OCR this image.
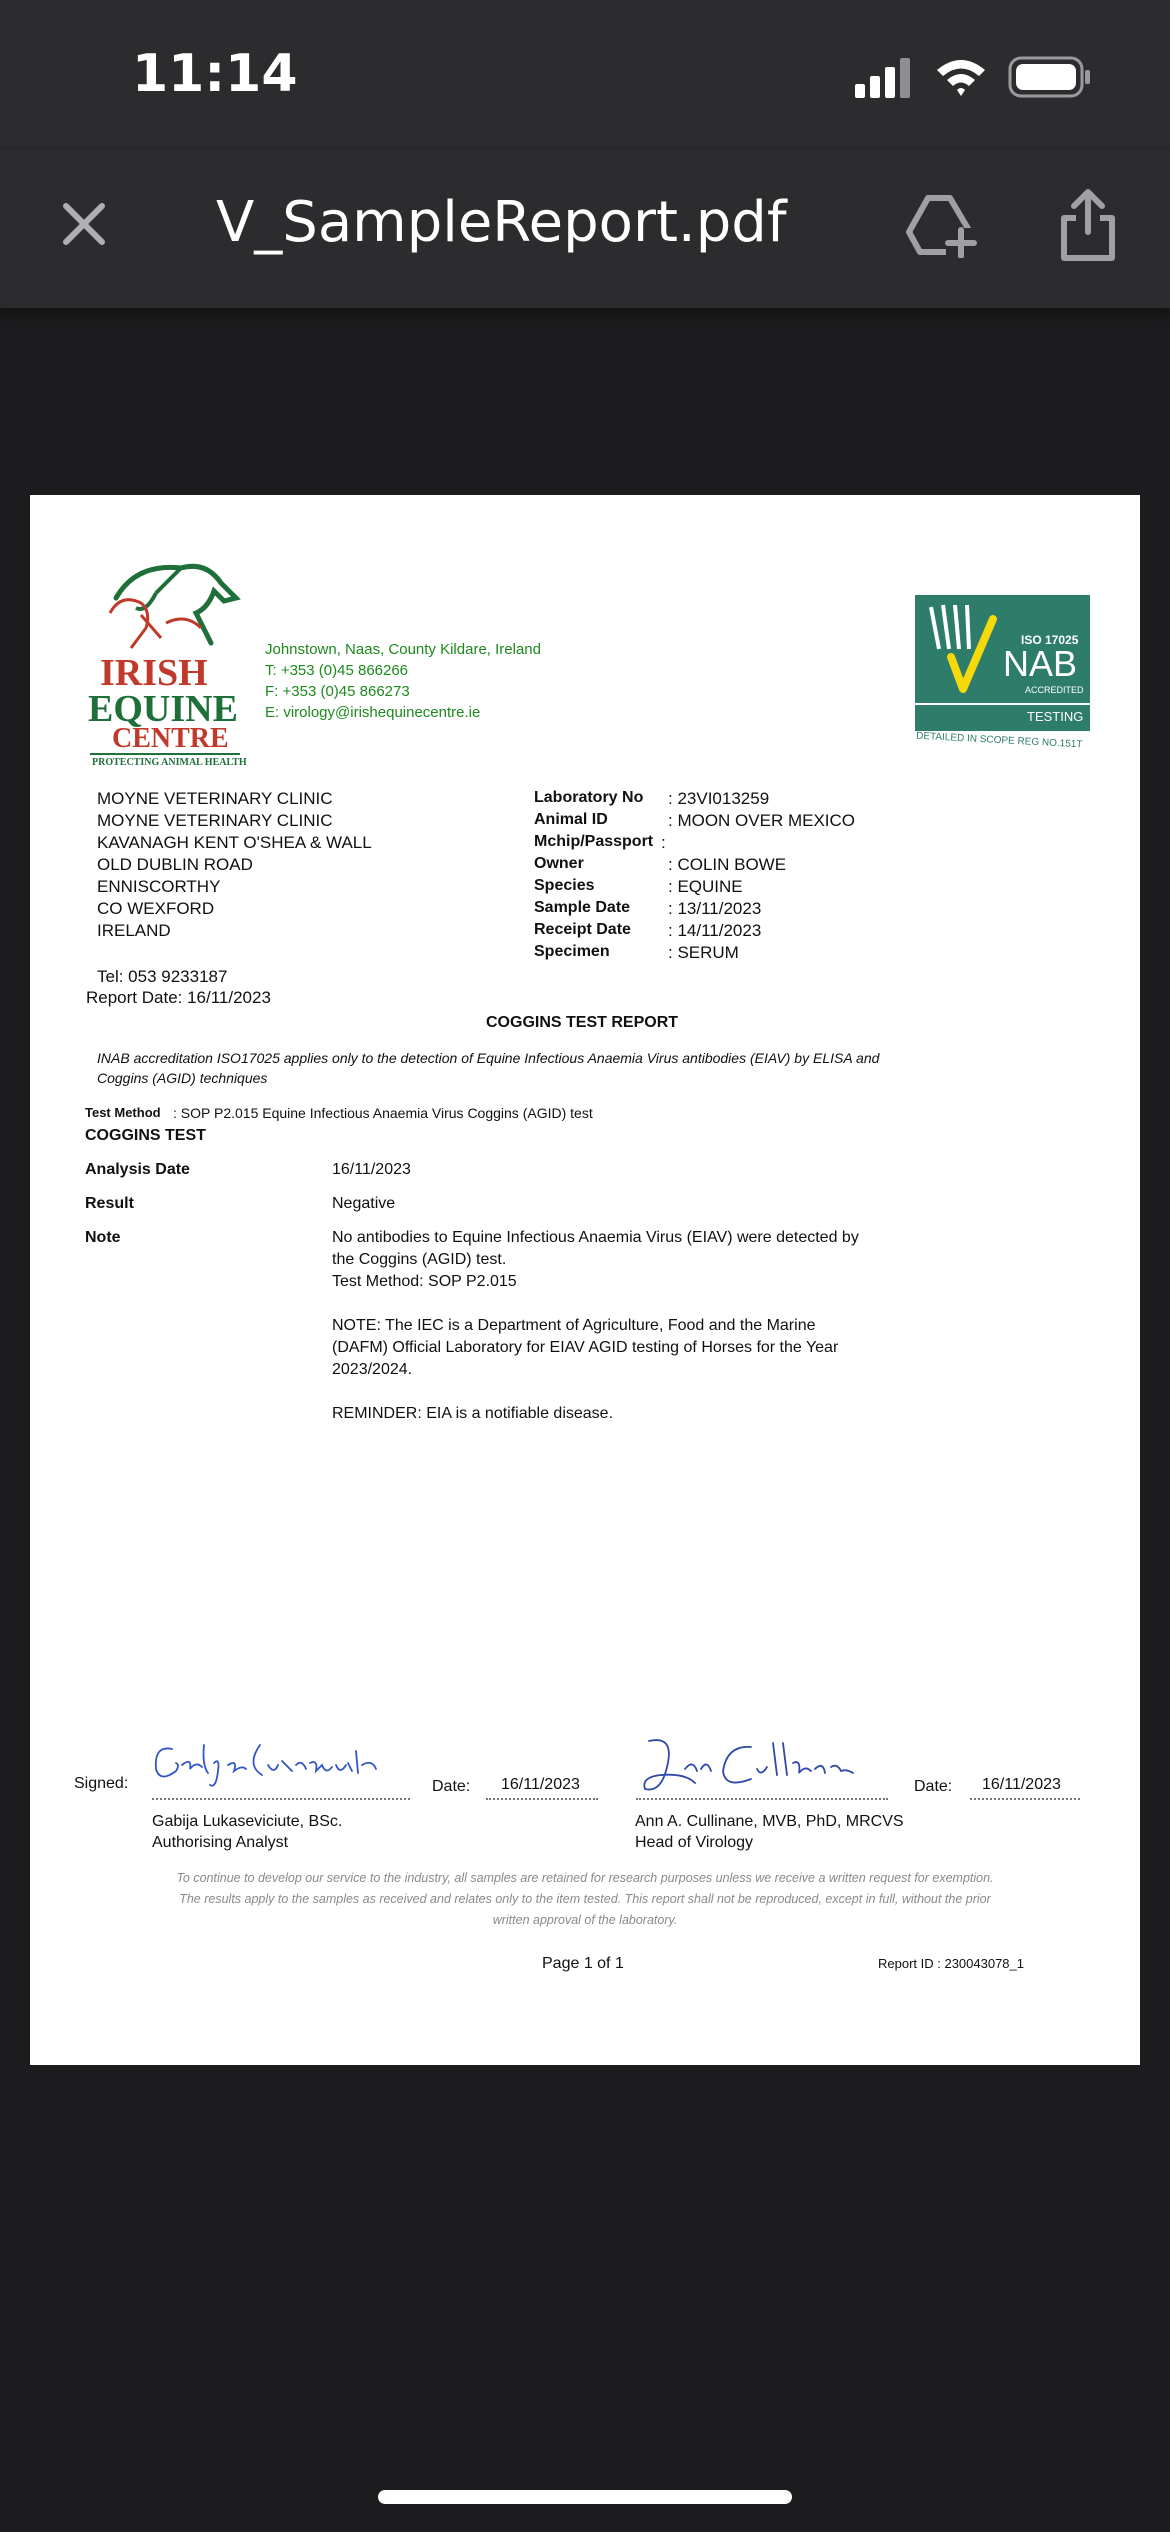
11:14
V_SampleReport.pdf
IRISH
EQUINE
CENTRE
PROTECTING ANIMAL HEALTH
Johnstown, Naas, County Kildare, Ireland
T: +353 (0)45 866266
F: +353 (0)45 866273
E: virology@irishequinecentre.ie
ISO 17025
NAB
ACCREDITED
TESTING
DETAILED IN SCOPE REG NO.151T
MOYNE VETERINARY CLINIC
MOYNE VETERINARY CLINIC
KAVANAGH KENT O'SHEA & WALL
OLD DUBLIN ROAD
ENNISCORTHY
CO WEXFORD
IRELAND
Laboratory No : 23VI013259
Animal ID	: MOON OVER MEXICO
Mchip/Passport :
Owner	: COLIN BOWE
Species	: EQUINE
Sample Date : 13/11/2023
Receipt Date : 14/11/2023
Specimen	: SERUM
Tel: 053 9233187
Report Date: 16/11/2023
COGGINS TEST REPORT
INAB accreditation ISO17025 applies only to the detection of Equine Infectious Anaemia Virus antibodies (EIAV) by ELISA and
Coggins (AGID) techniques
Test Method : SOP P2.015 Equine Infectious Anaemia Virus Coggins (AGID) test
COGGINS TEST
Analysis Date	16/11/2023
Result	Negative
Note	No antibodies to Equine Infectious Anaemia Virus (EIAV) were detected by
the Coggins (AGID) test.
Test Method: SOP P2.015
NOTE: The IEC is a Department of Agriculture, Food and the Marine
(DAFM) Official Laboratory for EIAV AGID testing of Horses for the Year
2023/2024.
REMINDER: EIA is a notifiable disease.
Signed:	Date: 16/11/2023
Gabija Lukaseviciute, BSc.
Authorising Analyst
Date: 16/11/2023
Ann A. Cullinane, MVB, PhD, MRCVS
Head of Virology
To continue to develop our service to the industry, all samples are retained for research purposes unless we receive a written request for exemption.
The results apply to the samples as received and relates only to the item tested. This report shall not be reproduced, except in full, without the prior
written approval of the laboratory.
Page 1 of 1	Report ID : 230043078_1
